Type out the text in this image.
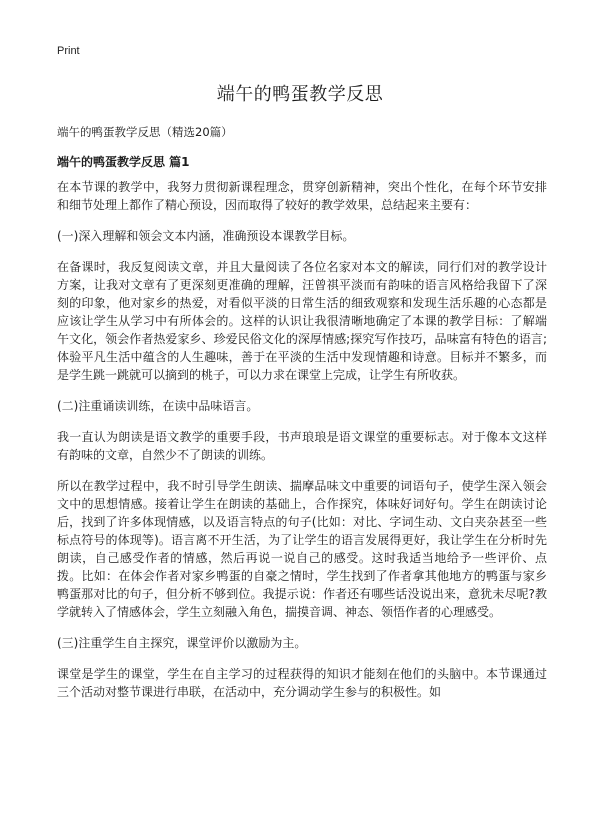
Print
端午的鸭蛋教学反思
端午的鸭蛋教学反思（精选20篇）
端午的鸭蛋教学反思 篇1

在本节课的教学中，我努力贯彻新课程理念，贯穿创新精神，突出个性化，在每个环节安排和细节处理上都作了精心预设，因而取得了较好的教学效果，总结起来主要有：

(一)深入理解和领会文本内涵，准确预设本课教学目标。

在备课时，我反复阅读文章，并且大量阅读了各位名家对本文的解读，同行们对的教学设计方案，让我对文章有了更深刻更准确的理解，汪曾祺平淡而有韵味的语言风格给我留下了深刻的印象，他对家乡的热爱，对看似平淡的日常生活的细致观察和发现生活乐趣的心态都是应该让学生从学习中有所体会的。这样的认识让我很清晰地确定了本课的教学目标：了解端午文化，领会作者热爱家乡、珍爱民俗文化的深厚情感;探究写作技巧，品味富有特色的语言;体验平凡生活中蕴含的人生趣味，善于在平淡的生活中发现情趣和诗意。目标并不繁多，而是学生跳一跳就可以摘到的桃子，可以力求在课堂上完成，让学生有所收获。

(二)注重诵读训练，在读中品味语言。

我一直认为朗读是语文教学的重要手段，书声琅琅是语文课堂的重要标志。对于像本文这样有韵味的文章，自然少不了朗读的训练。

所以在教学过程中，我不时引导学生朗读、揣摩品味文中重要的词语句子，使学生深入领会文中的思想情感。接着让学生在朗读的基础上，合作探究，体味好词好句。学生在朗读讨论后，找到了许多体现情感，以及语言特点的句子(比如：对比、字词生动、文白夹杂甚至一些标点符号的体现等)。语言离不开生活，为了让学生的语言发展得更好，我让学生在分析时先朗读，自己感受作者的情感，然后再说一说自己的感受。这时我适当地给予一些评价、点拨。比如：在体会作者对家乡鸭蛋的自豪之情时，学生找到了作者拿其他地方的鸭蛋与家乡鸭蛋那对比的句子，但分析不够到位。我提示说：作者还有哪些话没说出来，意犹未尽呢?教学就转入了情感体会，学生立刻融入角色，揣摸音调、神态、领悟作者的心理感受。

(三)注重学生自主探究，课堂评价以激励为主。

课堂是学生的课堂，学生在自主学习的过程获得的知识才能刻在他们的头脑中。本节课通过三个活动对整节课进行串联，在活动中，充分调动学生参与的积极性。如
